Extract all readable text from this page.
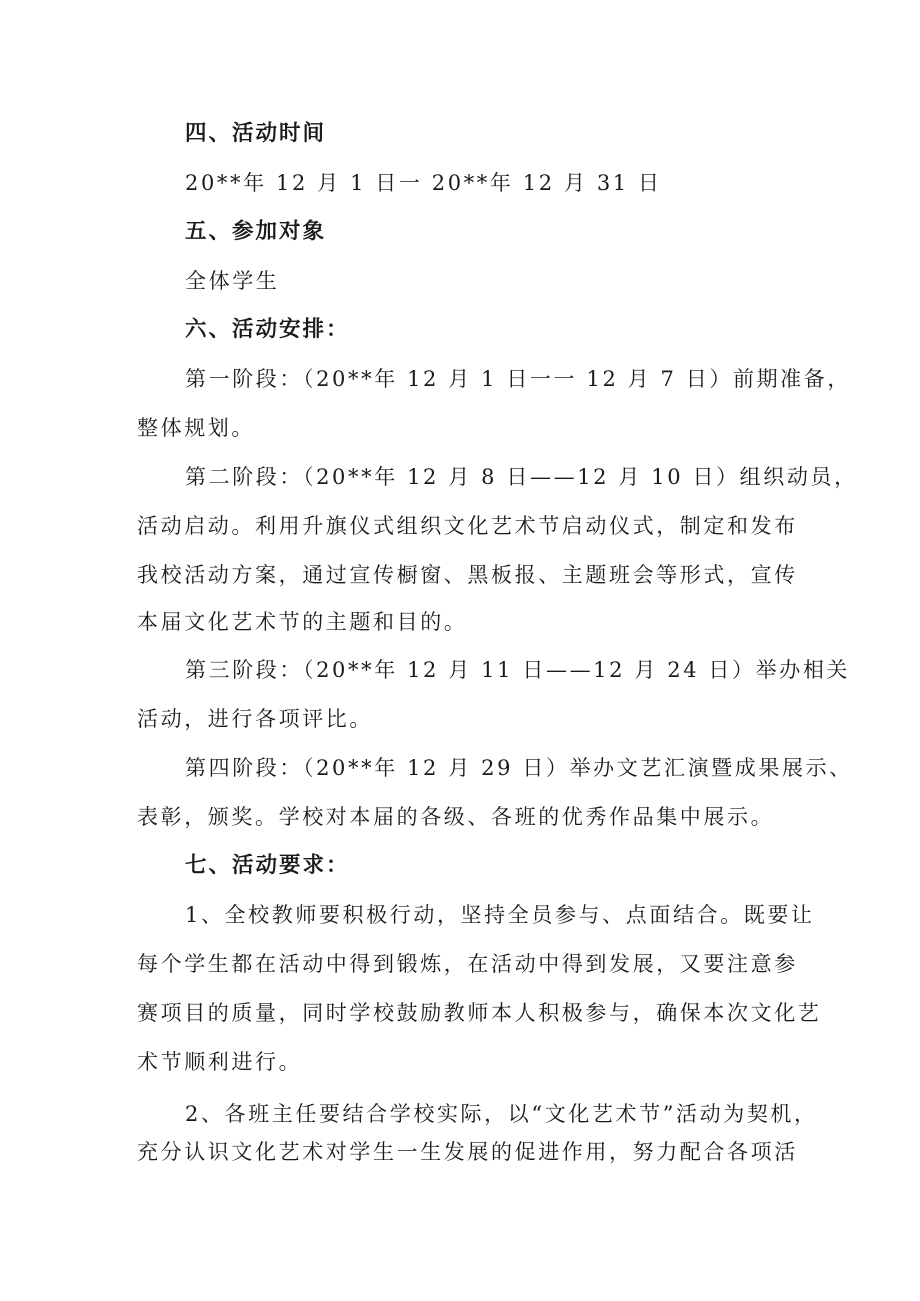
四、活动时间
20**年 12 月 1 日一 20**年 12 月 31 日
五、参加对象
全体学生
六、活动安排：
第一阶段：（20**年 12 月 1 日一一 12 月 7 日）前期准备，
整体规划。
第二阶段：（20**年 12 月 8 日——12 月 10 日）组织动员，
活动启动。利用升旗仪式组织文化艺术节启动仪式，制定和发布
我校活动方案，通过宣传橱窗、黑板报、主题班会等形式，宣传
本届文化艺术节的主题和目的。
第三阶段：（20**年 12 月 11 日——12 月 24 日）举办相关
活动，进行各项评比。
第四阶段：（20**年 12 月 29 日）举办文艺汇演暨成果展示、
表彰，颁奖。学校对本届的各级、各班的优秀作品集中展示。
七、活动要求：
1、全校教师要积极行动，坚持全员参与、点面结合。既要让
每个学生都在活动中得到锻炼，在活动中得到发展，又要注意参
赛项目的质量，同时学校鼓励教师本人积极参与，确保本次文化艺
术节顺利进行。
2、各班主任要结合学校实际，以“文化艺术节”活动为契机，
充分认识文化艺术对学生一生发展的促进作用，努力配合各项活
